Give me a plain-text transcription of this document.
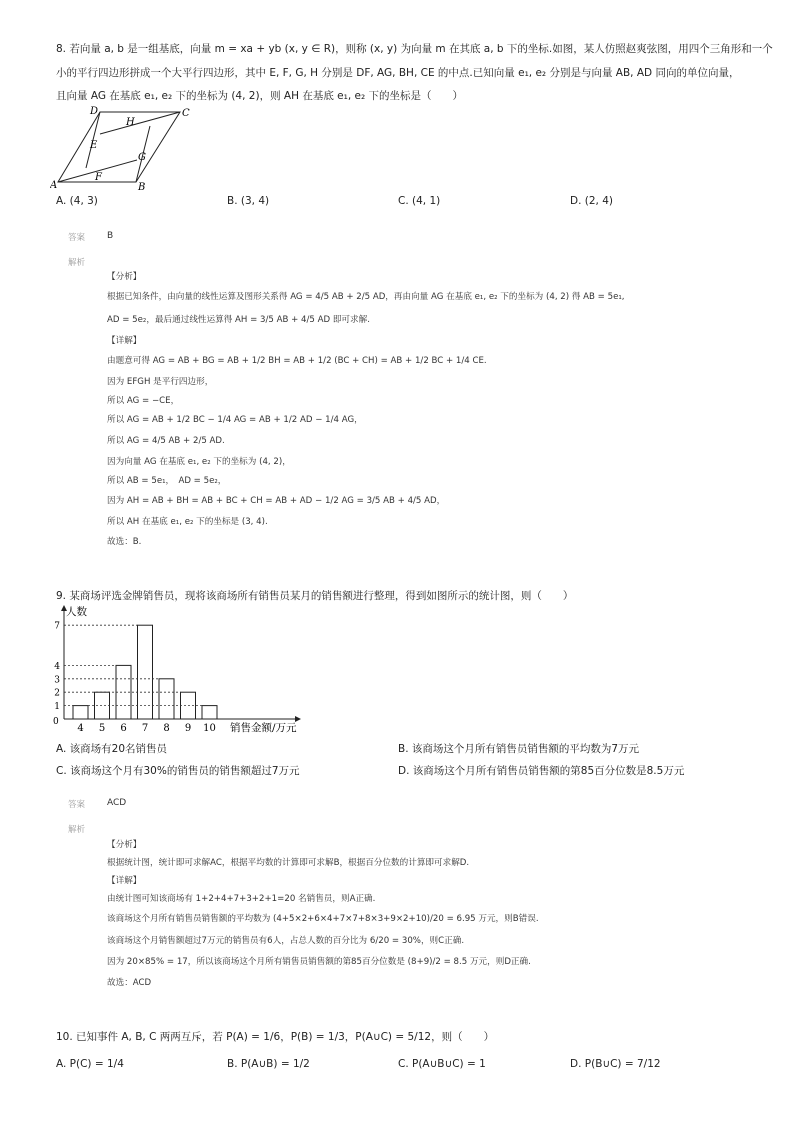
8. 若向量 a, b 是一组基底，向量 m = xa + yb (x, y ∈ R)，则称 (x, y) 为向量 m 在其底 a, b 下的坐标.如图，某人仿照赵爽弦图，用四个三角形和一个
小的平行四边形拼成一个大平行四边形，其中 E, F, G, H 分别是 DF, AG, BH, CE 的中点.已知向量 e₁, e₂ 分别是与向量 AB, AD 同向的单位向量，
且向量 AG 在基底 e₁, e₂ 下的坐标为 (4, 2)，则 AH 在基底 e₁, e₂ 下的坐标是（　　）
A	B
C
D
E
F
G
H
A. (4, 3)	B. (3, 4)	C. (4, 1)	D. (2, 4)
答案 B
解析
【分析】
根据已知条件，由向量的线性运算及图形关系得 AG = 4/5 AB + 2/5 AD，再由向量 AG 在基底 e₁, e₂ 下的坐标为 (4, 2) 得 AB = 5e₁,
AD = 5e₂，最后通过线性运算得 AH = 3/5 AB + 4/5 AD 即可求解.
【详解】
由题意可得 AG = AB + BG = AB + 1/2 BH = AB + 1/2 (BC + CH) = AB + 1/2 BC + 1/4 CE.
因为 EFGH 是平行四边形，
所以 AG = −CE，
所以 AG = AB + 1/2 BC − 1/4 AG = AB + 1/2 AD − 1/4 AG，
所以 AG = 4/5 AB + 2/5 AD.
因为向量 AG 在基底 e₁, e₂ 下的坐标为 (4, 2)，
所以 AB = 5e₁，　AD = 5e₂，
因为 AH = AB + BH = AB + BC + CH = AB + AD − 1/2 AG = 3/5 AB + 4/5 AD，
所以 AH 在基底 e₁, e₂ 下的坐标是 (3, 4).
故选：B.
9. 某商场评选金牌销售员，现将该商场所有销售员某月的销售额进行整理，得到如图所示的统计图，则（　　）
4 5 6 7 8 9 10
1
2
3
4
7
人数
销售金额/万元
0
A. 该商场有20名销售员	B. 该商场这个月所有销售员销售额的平均数为7万元
C. 该商场这个月有30%的销售员的销售额超过7万元	D. 该商场这个月所有销售员销售额的第85百分位数是8.5万元
答案 ACD
解析
【分析】
根据统计图，统计即可求解AC，根据平均数的计算即可求解B，根据百分位数的计算即可求解D.
【详解】
由统计图可知该商场有 1+2+4+7+3+2+1=20 名销售员，则A正确.
该商场这个月所有销售员销售额的平均数为 (4+5×2+6×4+7×7+8×3+9×2+10)/20 = 6.95 万元，则B错误.
该商场这个月销售额超过7万元的销售员有6人，占总人数的百分比为 6/20 = 30%，则C正确.
因为 20×85% = 17，所以该商场这个月所有销售员销售额的第85百分位数是 (8+9)/2 = 8.5 万元，则D正确.
故选：ACD
10. 已知事件 A, B, C 两两互斥，若 P(A) = 1/6，P(B) = 1/3，P(A∪C) = 5/12，则（　　）
A. P(C) = 1/4	B. P(A∪B) = 1/2	C. P(A∪B∪C) = 1	D. P(B∪C) = 7/12
